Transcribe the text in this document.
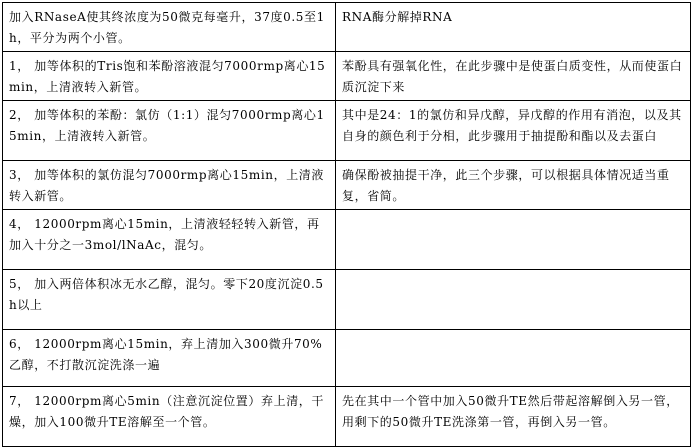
加入RNaseA使其终浓度为50微克每毫升，37度0.5至1h，平分为两个小管。	RNA酶分解掉RNA
1， 加等体积的Tris饱和苯酚溶液混匀7000rmp离心15min，上清液转入新管。	苯酚具有强氧化性，在此步骤中是使蛋白质变性，从而使蛋白质沉淀下来
2， 加等体积的苯酚：氯仿（1:1）混匀7000rmp离心15min，上清液转入新管。	其中是24：1的氯仿和异戊醇，异戊醇的作用有消泡，以及其自身的颜色利于分相，此步骤用于抽提酚和酯以及去蛋白
3， 加等体积的氯仿混匀7000rmp离心15min，上清液转入新管。	确保酚被抽提干净，此三个步骤，可以根据具体情况适当重复，省简。
4， 12000rpm离心15min，上清液轻轻转入新管，再加入十分之一3mol/lNaAc，混匀。	
5， 加入两倍体积冰无水乙醇，混匀。零下20度沉淀0.5h以上	
6， 12000rpm离心15min，弃上清加入300微升70%乙醇，不打散沉淀洗涤一遍	
7， 12000rpm离心5min（注意沉淀位置）弃上清，干燥，加入100微升TE溶解至一个管。	先在其中一个管中加入50微升TE然后带起溶解倒入另一管，用剩下的50微升TE洗涤第一管，再倒入另一管。
